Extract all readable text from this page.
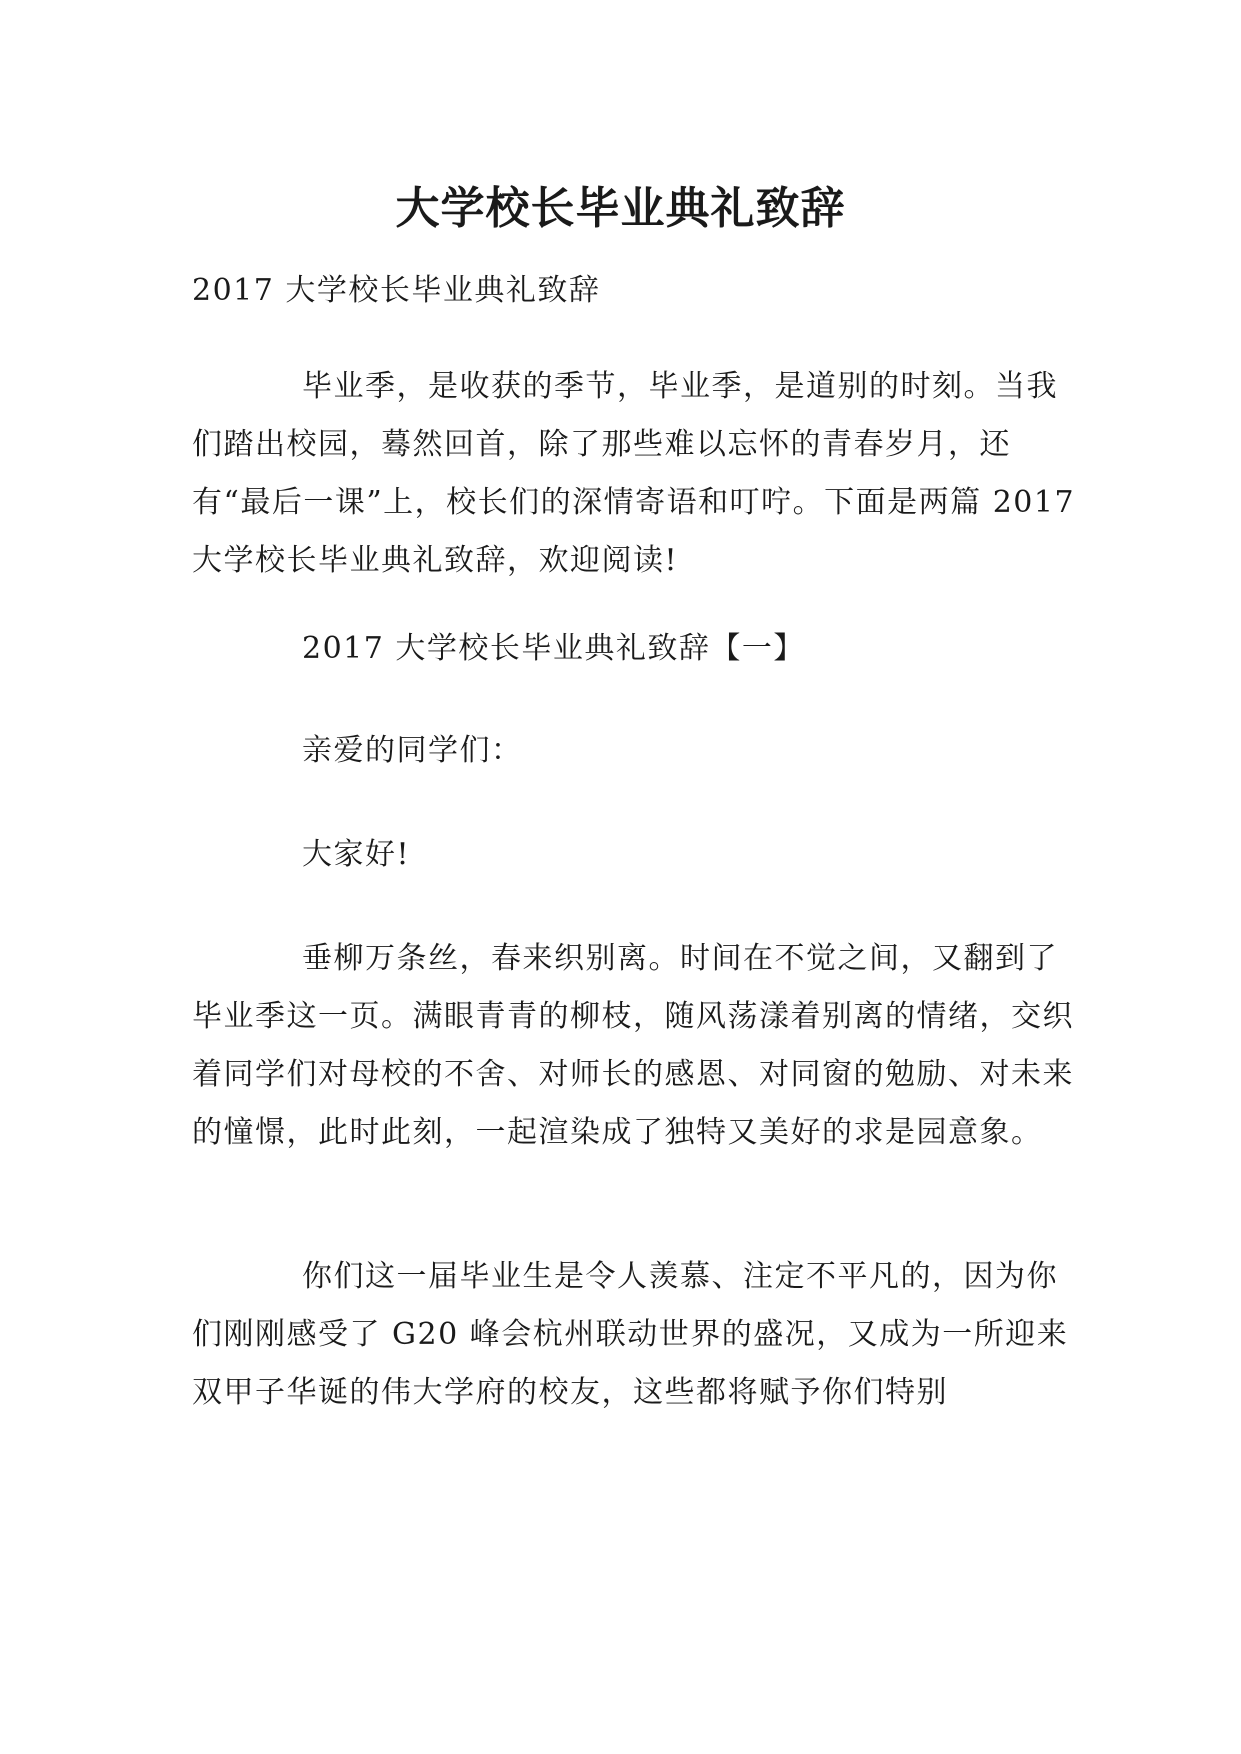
大学校长毕业典礼致辞

2017 大学校长毕业典礼致辞

毕业季，是收获的季节，毕业季，是道别的时刻。当我们踏出校园，蓦然回首，除了那些难以忘怀的青春岁月，还有“最后一课”上，校长们的深情寄语和叮咛。下面是两篇 2017 大学校长毕业典礼致辞，欢迎阅读!

2017 大学校长毕业典礼致辞【一】

亲爱的同学们：

大家好!

垂柳万条丝，春来织别离。时间在不觉之间，又翻到了毕业季这一页。满眼青青的柳枝，随风荡漾着别离的情绪，交织着同学们对母校的不舍、对师长的感恩、对同窗的勉励、对未来的憧憬，此时此刻，一起渲染成了独特又美好的求是园意象。

你们这一届毕业生是令人羡慕、注定不平凡的，因为你们刚刚感受了 G20 峰会杭州联动世界的盛况，又成为一所迎来双甲子华诞的伟大学府的校友，这些都将赋予你们特别
